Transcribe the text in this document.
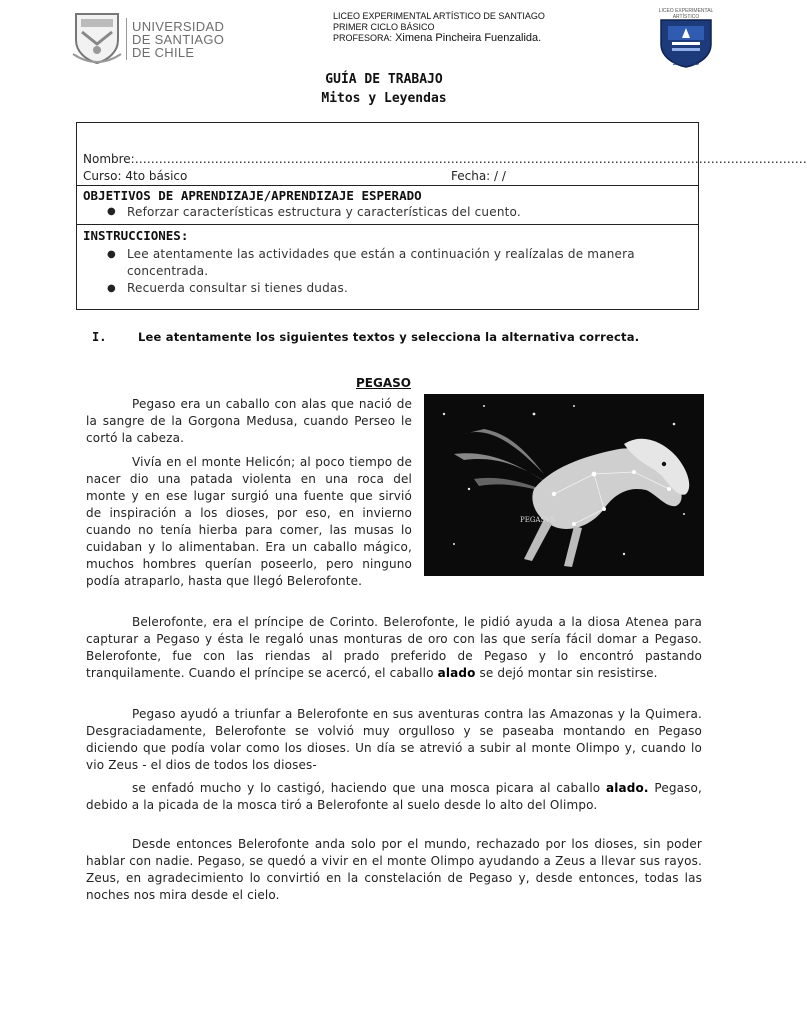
UNIVERSIDAD
DE SANTIAGO
DE CHILE
LICEO EXPERIMENTAL ARTÍSTICO DE SANTIAGO
PRIMER CICLO BÁSICO
PROFESORA: Ximena Pincheira Fuenzalida.
LICEO EXPERIMENTAL ARTÍSTICO
SANTIAGO
GUÍA DE TRABAJO
Mitos y Leyendas
Nombre:……………………………………………………………………………………………………………………………………………………
Curso: 4to básico	Fecha: / /
OBJETIVOS DE APRENDIZAJE/APRENDIZAJE ESPERADO
● Reforzar características estructura y características del cuento.
INSTRUCCIONES:
● Lee atentamente las actividades que están a continuación y realízalas de manera
concentrada.
● Recuerda consultar si tienes dudas.
I.	Lee atentamente los siguientes textos y selecciona la alternativa correcta.
PEGASO
Pegaso era un caballo con alas que nació de la sangre de la Gorgona Medusa, cuando Perseo le cortó la cabeza.
Vivía en el monte Helicón; al poco tiempo de nacer dio una patada violenta en una roca del monte y en ese lugar surgió una fuente que sirvió de inspiración a los dioses, por eso, en invierno cuando no tenía hierba para comer, las musas lo cuidaban y lo alimentaban. Era un caballo mágico, muchos hombres querían poseerlo, pero ninguno podía atraparlo, hasta que llegó Belerofonte.
PEGASVS
Belerofonte, era el príncipe de Corinto. Belerofonte, le pidió ayuda a la diosa Atenea para capturar a Pegaso y ésta le regaló unas monturas de oro con las que sería fácil domar a Pegaso. Belerofonte, fue con las riendas al prado preferido de Pegaso y lo encontró pastando tranquilamente. Cuando el príncipe se acercó, el caballo alado se dejó montar sin resistirse.
Pegaso ayudó a triunfar a Belerofonte en sus aventuras contra las Amazonas y la Quimera. Desgraciadamente, Belerofonte se volvió muy orgulloso y se paseaba montando en Pegaso diciendo que podía volar como los dioses. Un día se atrevió a subir al monte Olimpo y, cuando lo vio Zeus - el dios de todos los dioses-
se enfadó mucho y lo castigó, haciendo que una mosca picara al caballo alado. Pegaso, debido a la picada de la mosca tiró a Belerofonte al suelo desde lo alto del Olimpo.
Desde entonces Belerofonte anda solo por el mundo, rechazado por los dioses, sin poder hablar con nadie. Pegaso, se quedó a vivir en el monte Olimpo ayudando a Zeus a llevar sus rayos. Zeus, en agradecimiento lo convirtió en la constelación de Pegaso y, desde entonces, todas las noches nos mira desde el cielo.
